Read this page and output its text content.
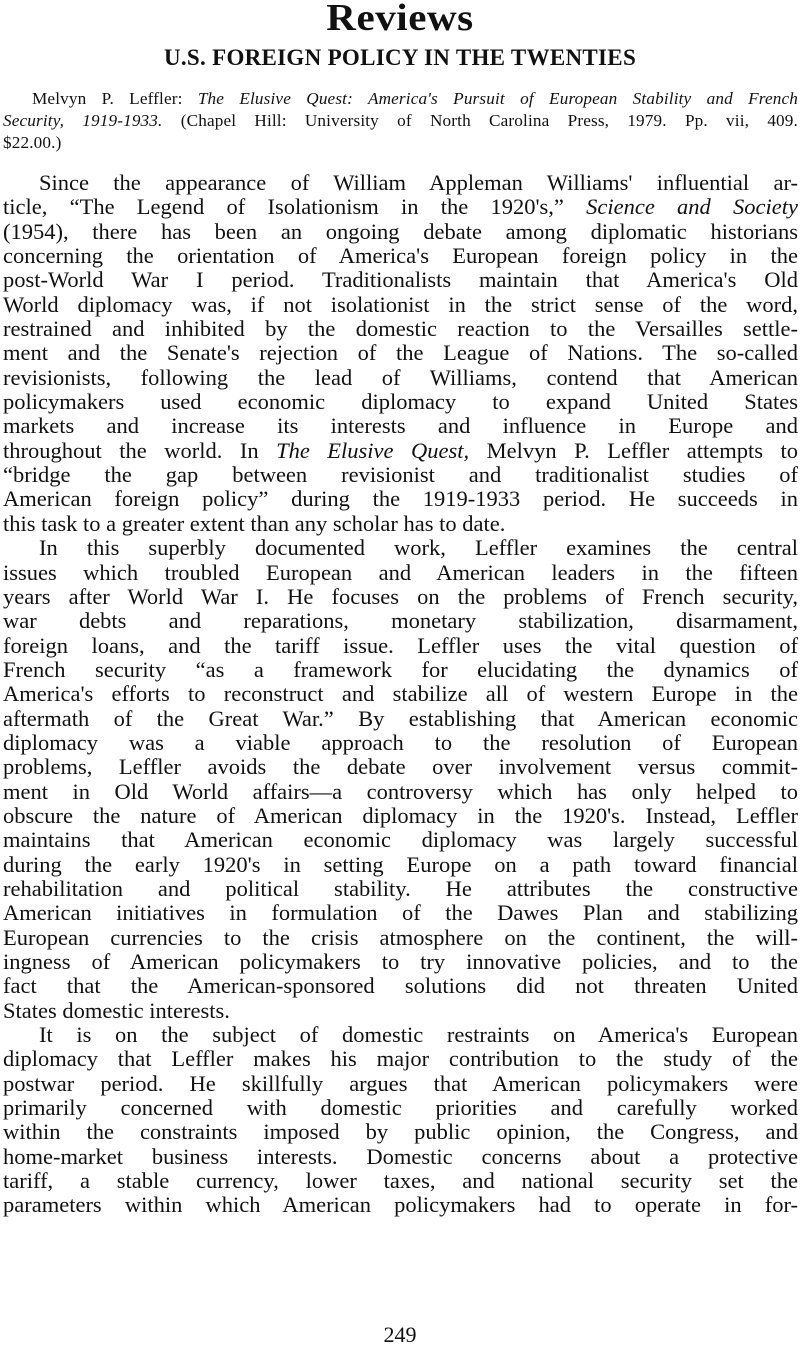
Reviews
U.S. FOREIGN POLICY IN THE TWENTIES
Melvyn P. Leffler: The Elusive Quest: America's Pursuit of European Stability and French
Security, 1919-1933. (Chapel Hill: University of North Carolina Press, 1979. Pp. vii, 409.
$22.00.)
Since the appearance of William Appleman Williams' influential ar-
ticle, “The Legend of Isolationism in the 1920's,” Science and Society
(1954), there has been an ongoing debate among diplomatic historians
concerning the orientation of America's European foreign policy in the
post-World War I period. Traditionalists maintain that America's Old
World diplomacy was, if not isolationist in the strict sense of the word,
restrained and inhibited by the domestic reaction to the Versailles settle-
ment and the Senate's rejection of the League of Nations. The so-called
revisionists, following the lead of Williams, contend that American
policymakers used economic diplomacy to expand United States
markets and increase its interests and influence in Europe and
throughout the world. In The Elusive Quest, Melvyn P. Leffler attempts to
“bridge the gap between revisionist and traditionalist studies of
American foreign policy” during the 1919-1933 period. He succeeds in
this task to a greater extent than any scholar has to date.
In this superbly documented work, Leffler examines the central
issues which troubled European and American leaders in the fifteen
years after World War I. He focuses on the problems of French security,
war debts and reparations, monetary stabilization, disarmament,
foreign loans, and the tariff issue. Leffler uses the vital question of
French security “as a framework for elucidating the dynamics of
America's efforts to reconstruct and stabilize all of western Europe in the
aftermath of the Great War.” By establishing that American economic
diplomacy was a viable approach to the resolution of European
problems, Leffler avoids the debate over involvement versus commit-
ment in Old World affairs—a controversy which has only helped to
obscure the nature of American diplomacy in the 1920's. Instead, Leffler
maintains that American economic diplomacy was largely successful
during the early 1920's in setting Europe on a path toward financial
rehabilitation and political stability. He attributes the constructive
American initiatives in formulation of the Dawes Plan and stabilizing
European currencies to the crisis atmosphere on the continent, the will-
ingness of American policymakers to try innovative policies, and to the
fact that the American-sponsored solutions did not threaten United
States domestic interests.
It is on the subject of domestic restraints on America's European
diplomacy that Leffler makes his major contribution to the study of the
postwar period. He skillfully argues that American policymakers were
primarily concerned with domestic priorities and carefully worked
within the constraints imposed by public opinion, the Congress, and
home-market business interests. Domestic concerns about a protective
tariff, a stable currency, lower taxes, and national security set the
parameters within which American policymakers had to operate in for-
249
